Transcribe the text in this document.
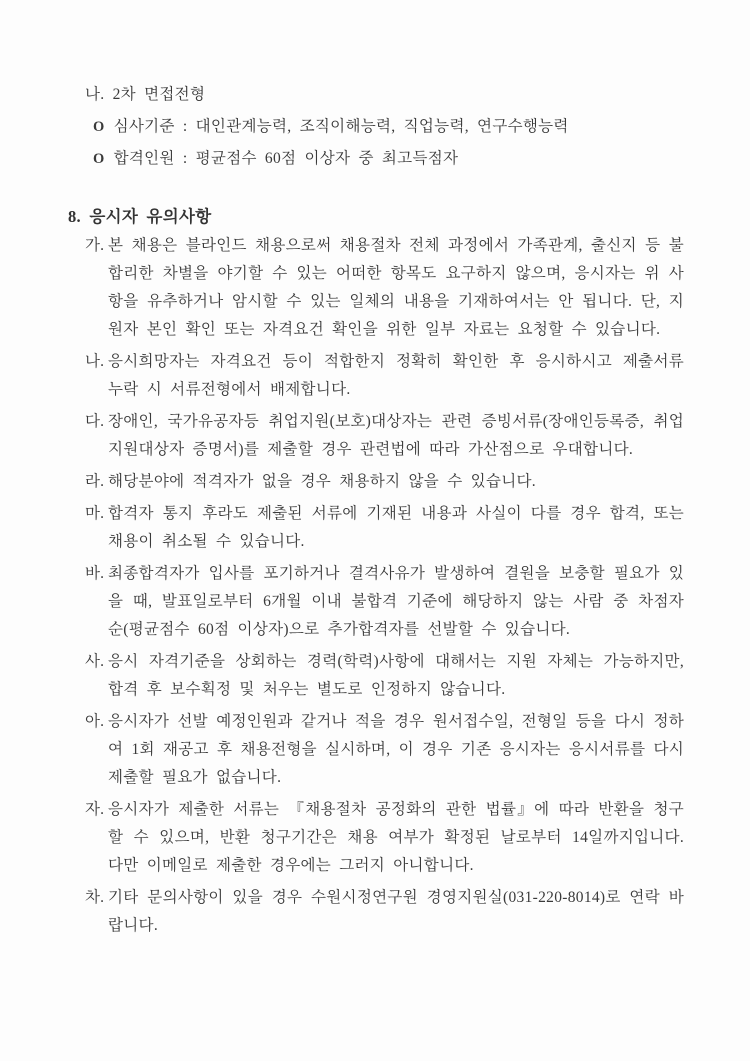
나. 2차 면접전형
O 심사기준 : 대인관계능력, 조직이해능력, 직업능력, 연구수행능력
O 합격인원 : 평균점수 60점 이상자 중 최고득점자
8. 응시자 유의사항
가. 본 채용은 블라인드 채용으로써 채용절차 전체 과정에서 가족관계, 출신지 등 불합리한 차별을 야기할 수 있는 어떠한 항목도 요구하지 않으며, 응시자는 위 사항을 유추하거나 암시할 수 있는 일체의 내용을 기재하여서는 안 됩니다. 단, 지원자 본인 확인 또는 자격요건 확인을 위한 일부 자료는 요청할 수 있습니다.
나. 응시희망자는 자격요건 등이 적합한지 정확히 확인한 후 응시하시고 제출서류 누락 시 서류전형에서 배제합니다.
다. 장애인, 국가유공자등 취업지원(보호)대상자는 관련 증빙서류(장애인등록증, 취업지원대상자 증명서)를 제출할 경우 관련법에 따라 가산점으로 우대합니다.
라. 해당분야에 적격자가 없을 경우 채용하지 않을 수 있습니다.
마. 합격자 통지 후라도 제출된 서류에 기재된 내용과 사실이 다를 경우 합격, 또는 채용이 취소될 수 있습니다.
바. 최종합격자가 입사를 포기하거나 결격사유가 발생하여 결원을 보충할 필요가 있을 때, 발표일로부터 6개월 이내 불합격 기준에 해당하지 않는 사람 중 차점자 순(평균점수 60점 이상자)으로 추가합격자를 선발할 수 있습니다.
사. 응시 자격기준을 상회하는 경력(학력)사항에 대해서는 지원 자체는 가능하지만, 합격 후 보수획정 및 처우는 별도로 인정하지 않습니다.
아. 응시자가 선발 예정인원과 같거나 적을 경우 원서접수일, 전형일 등을 다시 정하여 1회 재공고 후 채용전형을 실시하며, 이 경우 기존 응시자는 응시서류를 다시 제출할 필요가 없습니다.
자. 응시자가 제출한 서류는 『채용절차 공정화의 관한 법률』에 따라 반환을 청구할 수 있으며, 반환 청구기간은 채용 여부가 확정된 날로부터 14일까지입니다. 다만 이메일로 제출한 경우에는 그러지 아니합니다.
차. 기타 문의사항이 있을 경우 수원시정연구원 경영지원실(031-220-8014)로 연락 바랍니다.
